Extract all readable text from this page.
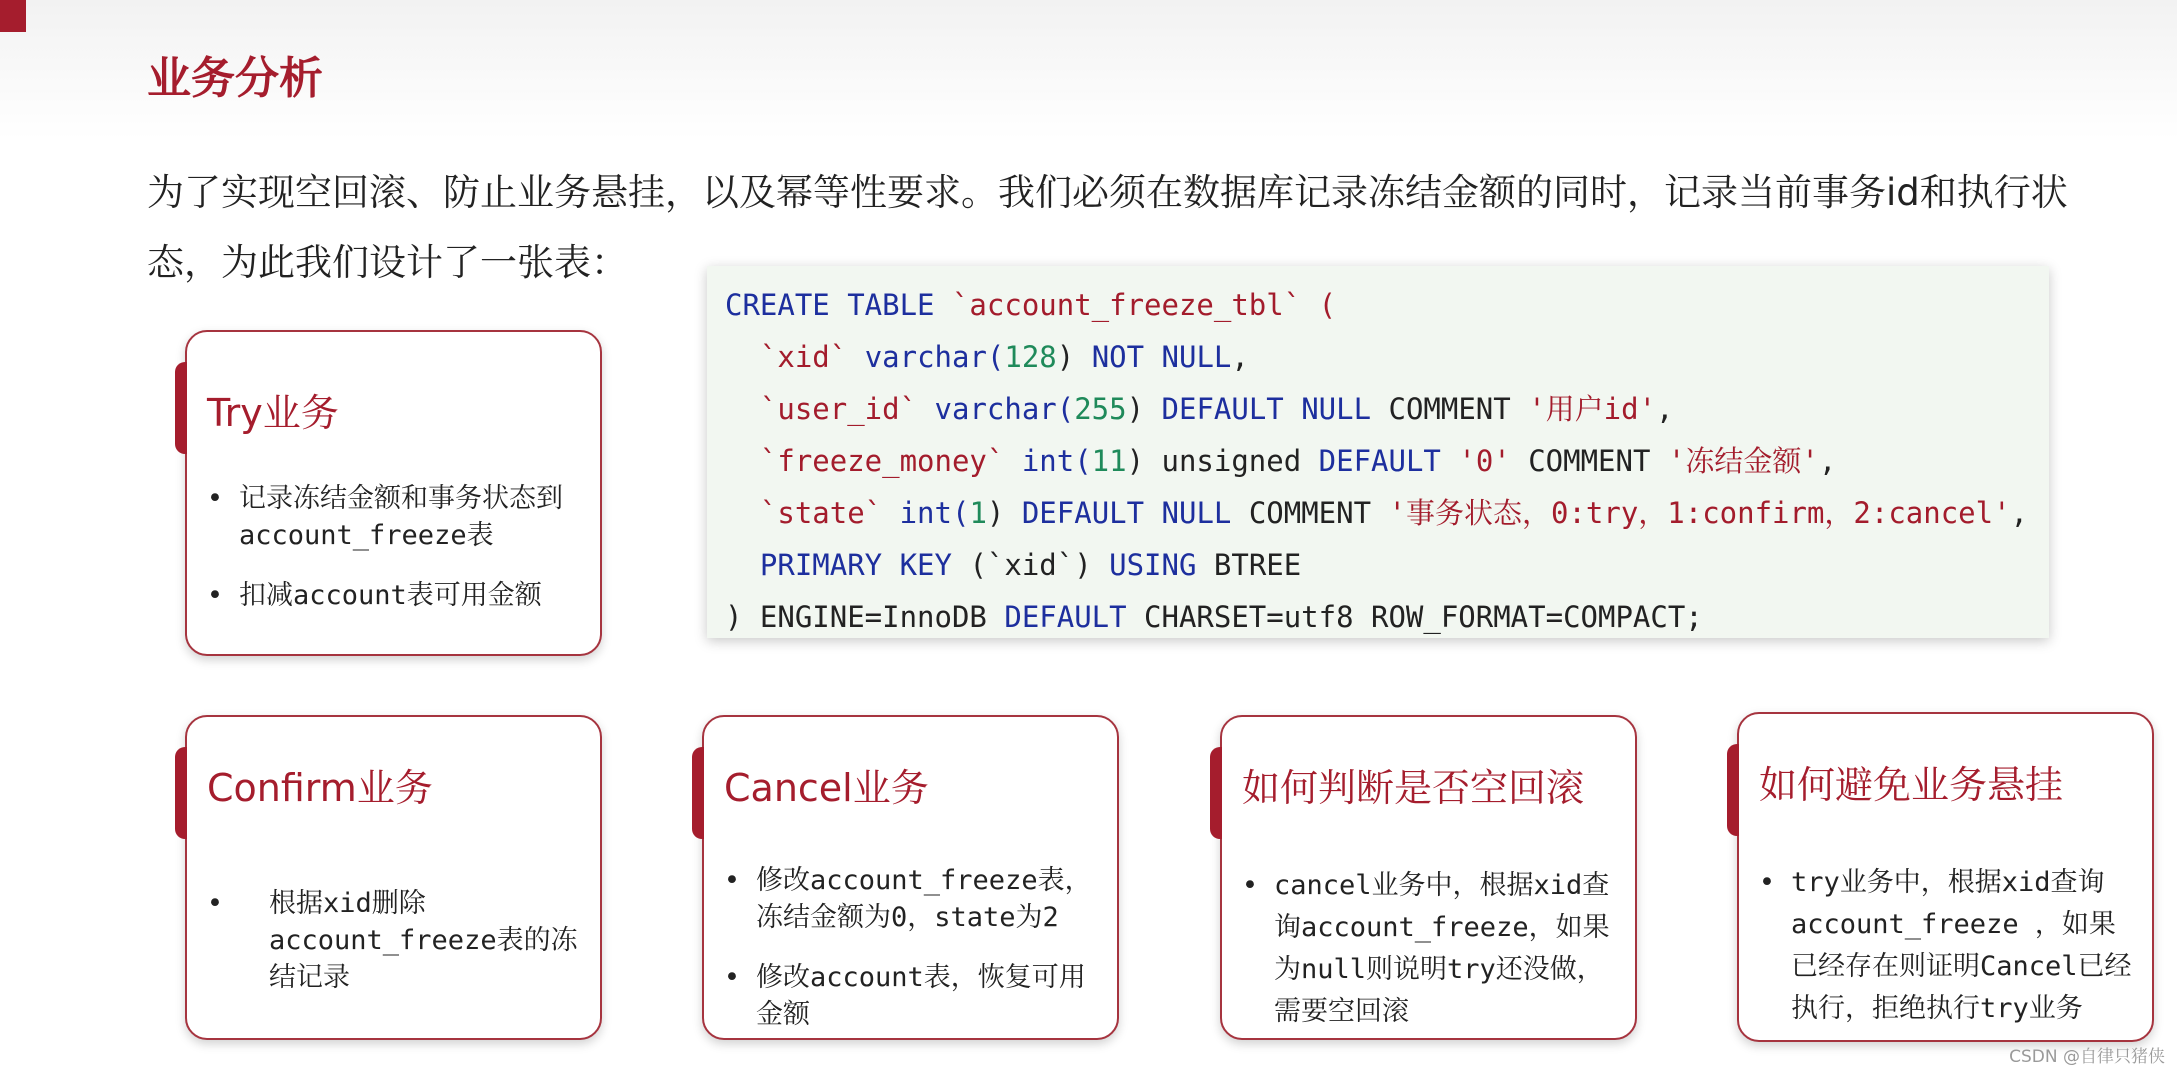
业务分析

为了实现空回滚、防止业务悬挂，以及幂等性要求。我们必须在数据库记录冻结金额的同时，记录当前事务id和执行状态，为此我们设计了一张表：

CREATE TABLE `account_freeze_tbl` (
`xid` varchar(128) NOT NULL,
`user_id` varchar(255) DEFAULT NULL COMMENT '用户id',
`freeze_money` int(11) unsigned DEFAULT '0' COMMENT '冻结金额',
`state` int(1) DEFAULT NULL COMMENT '事务状态，0:try，1:confirm，2:cancel',
PRIMARY KEY (`xid`) USING BTREE
) ENGINE=InnoDB DEFAULT CHARSET=utf8 ROW_FORMAT=COMPACT;
Try业务
• 记录冻结金额和事务状态到account_freeze表
• 扣减account表可用金额
Confirm业务
• 根据xid删除account_freeze表的冻结记录
Cancel业务
• 修改account_freeze表，冻结金额为0，state为2
• 修改account表，恢复可用金额
如何判断是否空回滚
• cancel业务中，根据xid查询account_freeze，如果为null则说明try还没做，需要空回滚
如何避免业务悬挂
• try业务中，根据xid查询account_freeze ，如果已经存在则证明Cancel已经执行，拒绝执行try业务
CSDN @自律只猪侠
